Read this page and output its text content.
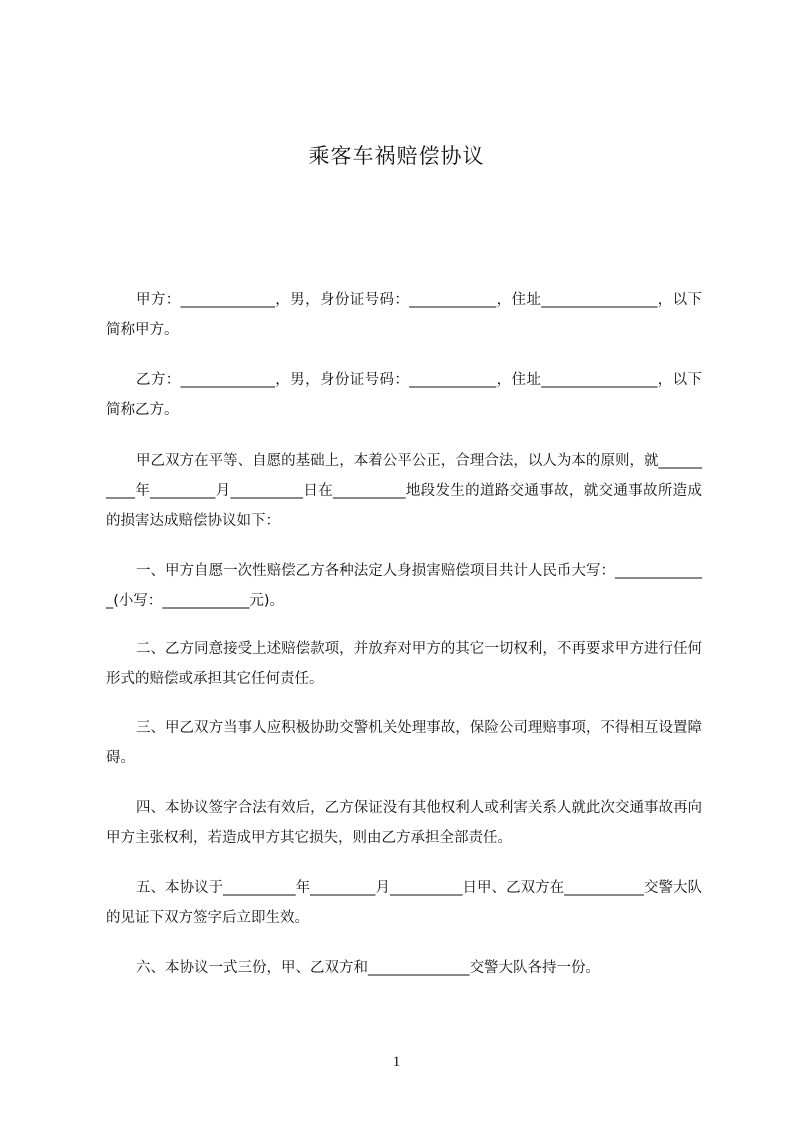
乘客车祸赔偿协议

甲方：_____________，男，身份证号码：____________，住址________________，以下简称甲方。

乙方：_____________，男，身份证号码：____________，住址________________，以下简称乙方。

甲乙双方在平等、自愿的基础上，本着公平公正，合理合法，以人为本的原则，就__________年_________月__________日在__________地段发生的道路交通事故，就交通事故所造成的损害达成赔偿协议如下：

一、甲方自愿一次性赔偿乙方各种法定人身损害赔偿项目共计人民币大写：_____________(小写：____________元)。

二、乙方同意接受上述赔偿款项，并放弃对甲方的其它一切权利，不再要求甲方进行任何形式的赔偿或承担其它任何责任。

三、甲乙双方当事人应积极协助交警机关处理事故，保险公司理赔事项，不得相互设置障碍。

四、本协议签字合法有效后，乙方保证没有其他权利人或利害关系人就此次交通事故再向甲方主张权利，若造成甲方其它损失，则由乙方承担全部责任。

五、本协议于__________年_________月__________日甲、乙双方在___________交警大队的见证下双方签字后立即生效。

六、本协议一式三份，甲、乙双方和______________交警大队各持一份。

1
